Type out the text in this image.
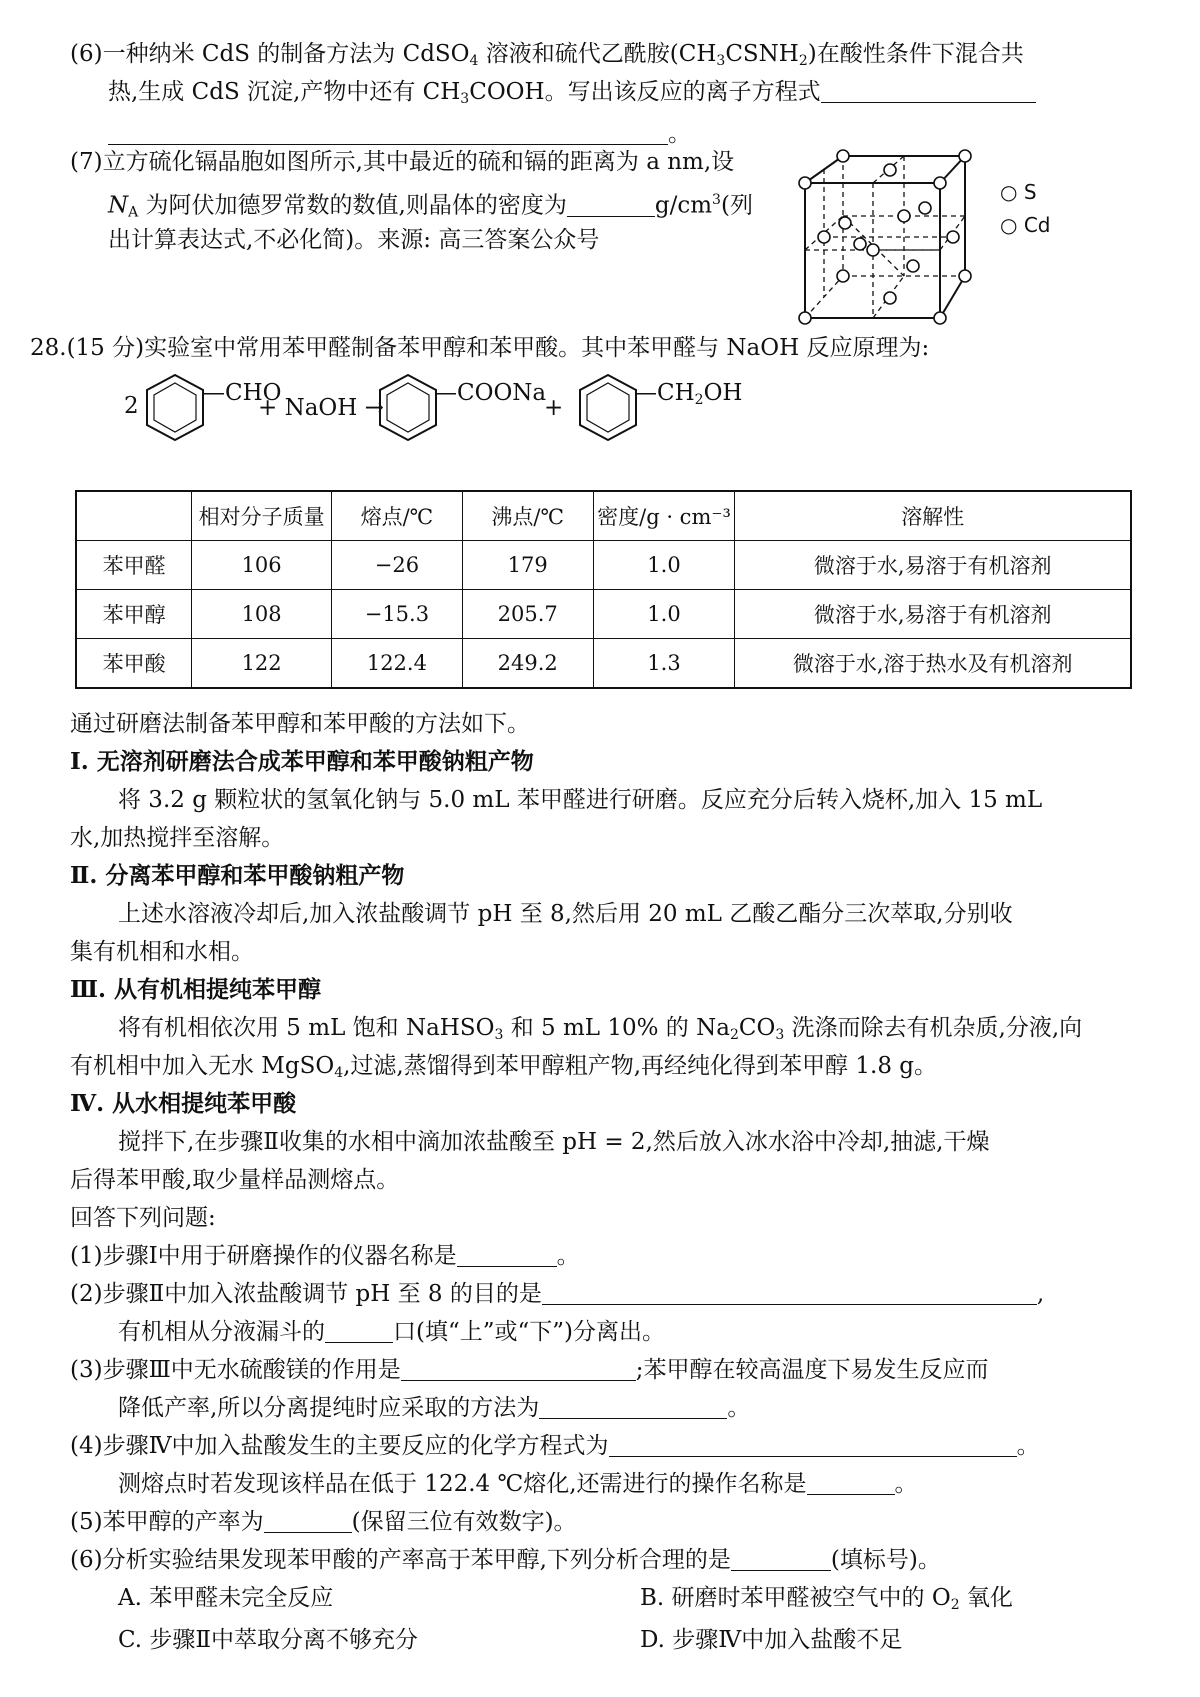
(6)一种纳米 CdS 的制备方法为 CdSO$_4$ 溶液和硫代乙酰胺$(CH_3CSNH_2)$在酸性条件下混合共
热,生成 CdS 沉淀,产物中还有 $CH_3COOH$。写出该反应的离子方程式
。
(7)立方硫化镉晶胞如图所示,其中最近的硫和镉的距离为 a nm,设
$N_A$ 为阿伏加德罗常数的数值,则晶体的密度为	$g/cm^3$(列
出计算表达式,不必化简)。来源: 高三答案公众号
○ S
○ Cd
28.(15 分)实验室中常用苯甲醛制备苯甲醇和苯甲酸。其中苯甲醛与 NaOH 反应原理为:
2	—CHO
+ NaOH →
—COONa
+
$—CH_2OH$
	相对分子质量	熔点/℃	沸点/℃	密度/g · cm⁻³	溶解性
苯甲醛	106	−26	179	1.0	微溶于水,易溶于有机溶剂
苯甲醇	108	−15.3	205.7	1.0	微溶于水,易溶于有机溶剂
苯甲酸	122	122.4	249.2	1.3	微溶于水,溶于热水及有机溶剂
通过研磨法制备苯甲醇和苯甲酸的方法如下。
Ⅰ. 无溶剂研磨法合成苯甲醇和苯甲酸钠粗产物
将 3.2 g 颗粒状的氢氧化钠与 5.0 mL 苯甲醛进行研磨。反应充分后转入烧杯,加入 15 mL
水,加热搅拌至溶解。
Ⅱ. 分离苯甲醇和苯甲酸钠粗产物
上述水溶液冷却后,加入浓盐酸调节 pH 至 8,然后用 20 mL 乙酸乙酯分三次萃取,分别收
集有机相和水相。
Ⅲ. 从有机相提纯苯甲醇
将有机相依次用 5 mL 饱和 NaHSO$_3$ 和 5 mL 10% 的 $Na_2CO_3$ 洗涤而除去有机杂质,分液,向
有机相中加入无水 MgSO$_4$,过滤,蒸馏得到苯甲醇粗产物,再经纯化得到苯甲醇 1.8 g。
Ⅳ. 从水相提纯苯甲酸
搅拌下,在步骤Ⅱ收集的水相中滴加浓盐酸至 pH = 2,然后放入冰水浴中冷却,抽滤,干燥
后得苯甲酸,取少量样品测熔点。
回答下列问题:
(1)步骤Ⅰ中用于研磨操作的仪器名称是	。
(2)步骤Ⅱ中加入浓盐酸调节 pH 至 8 的目的是	,
有机相从分液漏斗的	口(填“上”或“下”)分离出。
(3)步骤Ⅲ中无水硫酸镁的作用是	;苯甲醇在较高温度下易发生反应而
降低产率,所以分离提纯时应采取的方法为	。
(4)步骤Ⅳ中加入盐酸发生的主要反应的化学方程式为	。
测熔点时若发现该样品在低于 122.4 ℃熔化,还需进行的操作名称是	。
(5)苯甲醇的产率为	(保留三位有效数字)。
(6)分析实验结果发现苯甲酸的产率高于苯甲醇,下列分析合理的是	(填标号)。
A. 苯甲醛未完全反应	B. 研磨时苯甲醛被空气中的 $O_2$ 氧化
C. 步骤Ⅱ中萃取分离不够充分	D. 步骤Ⅳ中加入盐酸不足
